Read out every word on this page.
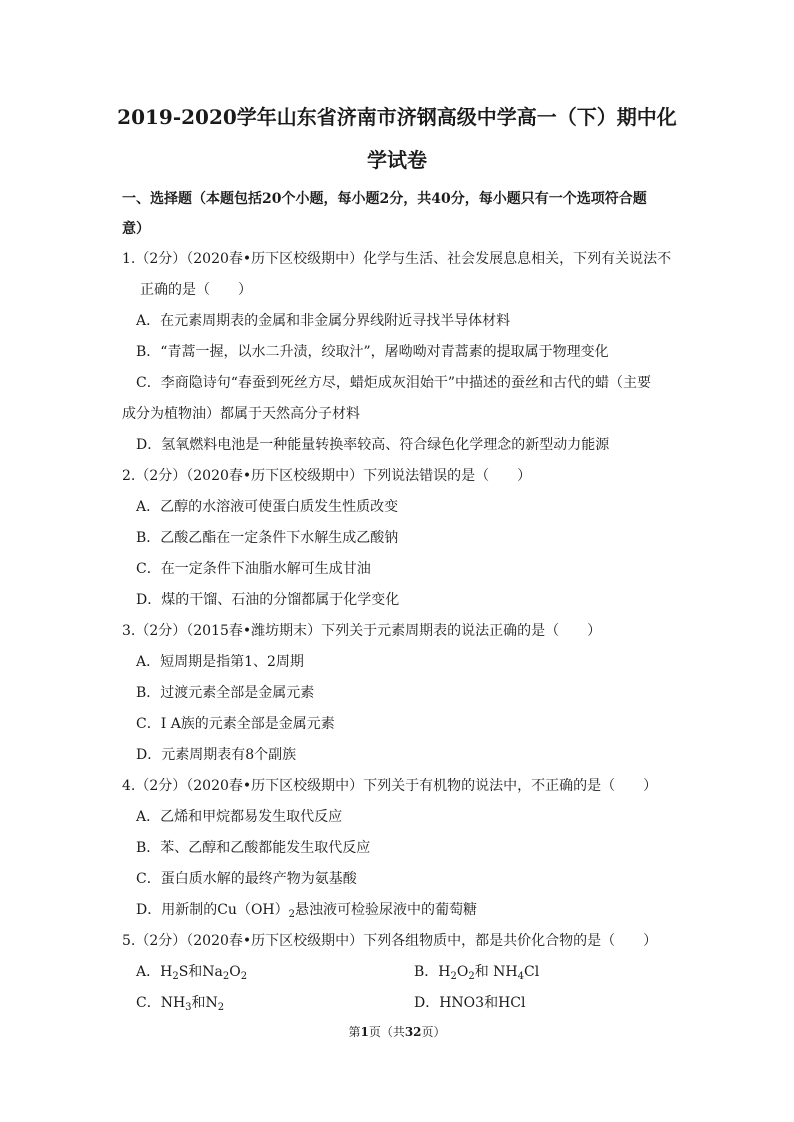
2019-2020学年山东省济南市济钢高级中学高一（下）期中化
学试卷
一、选择题（本题包括20个小题，每小题2分，共40分，每小题只有一个选项符合题
意）
1.（2分）（2020春•历下区校级期中）化学与生活、社会发展息息相关，下列有关说法不
正确的是（　　）
A．在元素周期表的金属和非金属分界线附近寻找半导体材料
B．“青蒿一握，以水二升渍，绞取汁”，屠呦呦对青蒿素的提取属于物理变化
C．李商隐诗句“春蚕到死丝方尽，蜡炬成灰泪始干”中描述的蚕丝和古代的蜡（主要
成分为植物油）都属于天然高分子材料
D．氢氧燃料电池是一种能量转换率较高、符合绿色化学理念的新型动力能源
2.（2分）（2020春•历下区校级期中）下列说法错误的是（　　）
A．乙醇的水溶液可使蛋白质发生性质改变
B．乙酸乙酯在一定条件下水解生成乙酸钠
C．在一定条件下油脂水解可生成甘油
D．煤的干馏、石油的分馏都属于化学变化
3.（2分）（2015春•潍坊期末）下列关于元素周期表的说法正确的是（　　）
A．短周期是指第1、2周期
B．过渡元素全部是金属元素
C．I A族的元素全部是金属元素
D．元素周期表有8个副族
4.（2分）（2020春•历下区校级期中）下列关于有机物的说法中，不正确的是（　　）
A．乙烯和甲烷都易发生取代反应
B．苯、乙醇和乙酸都能发生取代反应
C．蛋白质水解的最终产物为氨基酸
D．用新制的$Cu(OH)_2$悬浊液可检验尿液中的葡萄糖
5.（2分）（2020春•历下区校级期中）下列各组物质中，都是共价化合物的是（　　）
A．$H_2S$和$Na_2O_2$	B．$H_2O_2$和 $NH_4Cl$
C．$NH_3$和$N_2$	D．HNO3和HCl
第1页（共32页）
